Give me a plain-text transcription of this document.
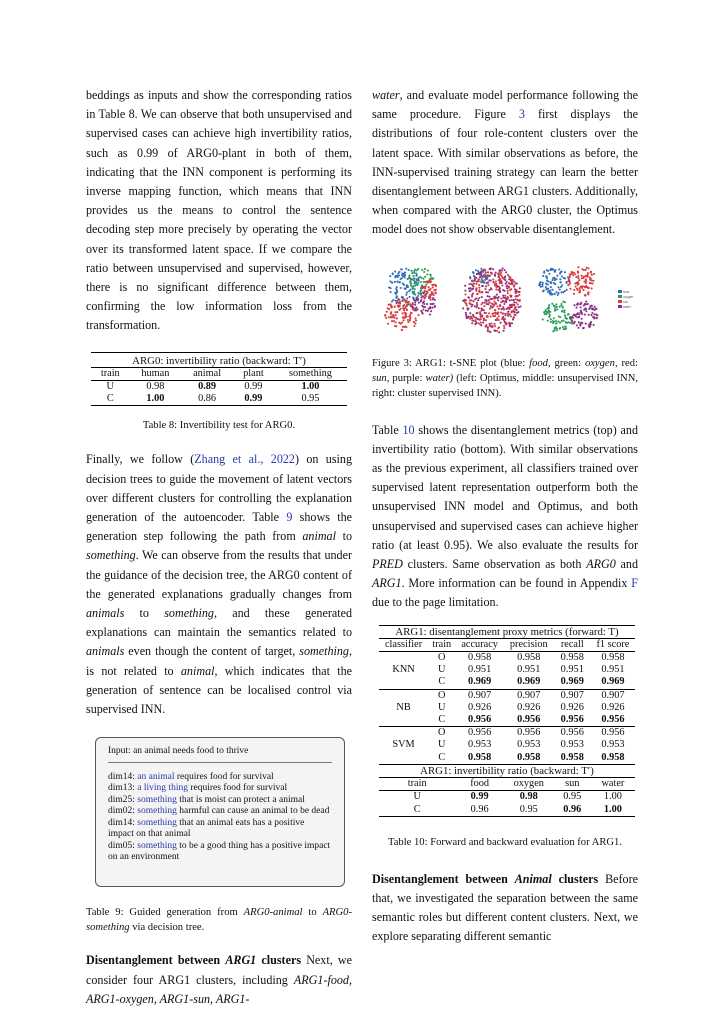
beddings as inputs and show the corresponding ratios in Table 8. We can observe that both unsupervised and supervised cases can achieve high invertibility ratios, such as 0.99 of ARG0-plant in both of them, indicating that the INN component is performing its inverse mapping function, which means that INN provides us the means to control the sentence decoding step more precisely by operating the vector over its transformed latent space. If we compare the ratio between unsupervised and supervised, however, there is no significant difference between them, confirming the low information loss from the transformation.

ARG0: invertibility ratio (backward: T′)				
train	human	animal	plant	something
U	0.98	0.89	0.99	1.00
C	1.00	0.86	0.99	0.95
Table 8: Invertibility test for ARG0.

Finally, we follow (Zhang et al., 2022) on using decision trees to guide the movement of latent vectors over different clusters for controlling the explanation generation of the autoencoder. Table 9 shows the generation step following the path from animal to something. We can observe from the results that under the guidance of the decision tree, the ARG0 content of the generated explanations gradually changes from animals to something, and these generated explanations can maintain the semantics related to animals even though the content of target, something, is not related to animal, which indicates that the generation of sentence can be localised control via supervised INN.

Input: an animal needs food to thrive
dim14: an animal requires food for survival
dim13: a living thing requires food for survival
dim25: something that is moist can protect a animal
dim02: something harmful can cause an animal to be dead
dim14: something that an animal eats has a positive impact on that animal
dim05: something to be a good thing has a positive impact on an environment
Table 9: Guided generation from ARG0-animal to ARG0-something via decision tree.

Disentanglement between ARG1 clusters Next, we consider four ARG1 clusters, including ARG1-food, ARG1-oxygen, ARG1-sun, ARG1-

water, and evaluate model performance following the same procedure. Figure 3 first displays the distributions of four role-content clusters over the latent space. With similar observations as before, the INN-supervised training strategy can learn the better disentanglement between ARG1 clusters. Additionally, when compared with the ARG0 cluster, the Optimus model does not show observable disentanglement.

food
oxygen
sun
water
Figure 3: ARG1: t-SNE plot (blue: food, green: oxygen, red: sun, purple: water) (left: Optimus, middle: unsupervised INN, right: cluster supervised INN).

Table 10 shows the disentanglement metrics (top) and invertibility ratio (bottom). With similar observations as the previous experiment, all classifiers trained over supervised latent representation outperform both the unsupervised INN model and Optimus, and both unsupervised and supervised cases can achieve higher ratio (at least 0.95). We also evaluate the results for PRED clusters. Same observation as both ARG0 and ARG1. More information can be found in Appendix F due to the page limitation.

ARG1: disentanglement proxy metrics (forward: T)					
classifier	train	accuracy	precision	recall	f1 score
KNN	O	0.958	0.958	0.958	0.958
	U	0.951	0.951	0.951	0.951
	C	0.969	0.969	0.969	0.969
NB	O	0.907	0.907	0.907	0.907
	U	0.926	0.926	0.926	0.926
	C	0.956	0.956	0.956	0.956
SVM	O	0.956	0.956	0.956	0.956
	U	0.953	0.953	0.953	0.953
	C	0.958	0.958	0.958	0.958
ARG1: invertibility ratio (backward: T′)					
train		food	oxygen	sun	water
U		0.99	0.98	0.95	1.00
C		0.96	0.95	0.96	1.00
Table 10: Forward and backward evaluation for ARG1.

Disentanglement between Animal clusters Before that, we investigated the separation between the same semantic roles but different content clusters. Next, we explore separating different semantic
